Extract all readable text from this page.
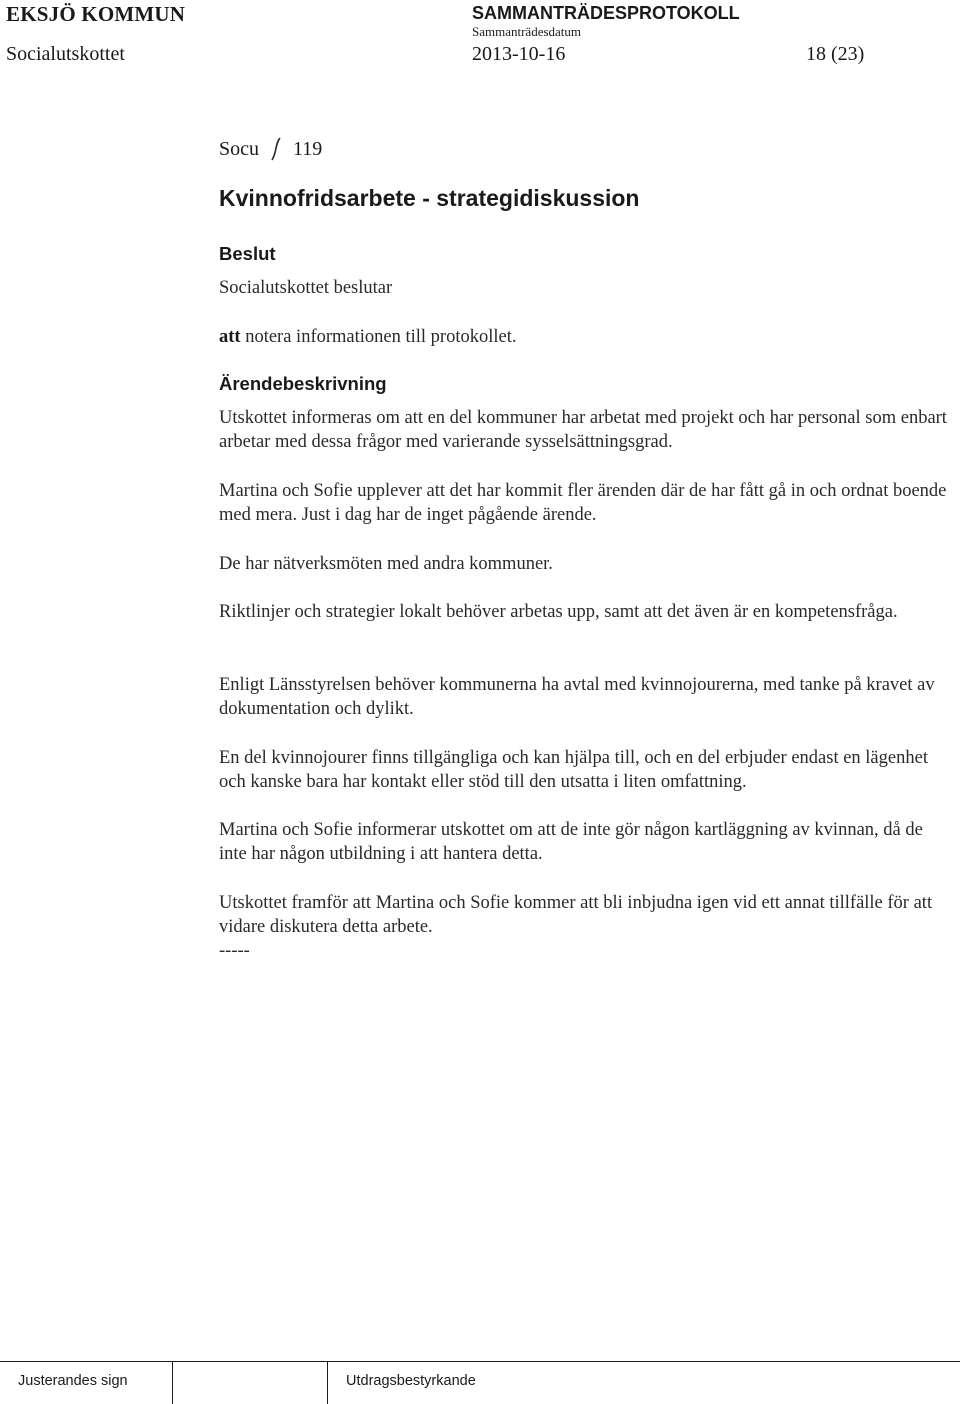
EKSJÖ KOMMUN	SAMMANTRÄDESPROTOKOLL
Sammanträdesdatum
Socialutskottet	2013-10-16	18 (23)
Socu 119
Kvinnofridsarbete - strategidiskussion
Beslut
Socialutskottet beslutar
att notera informationen till protokollet.
Ärendebeskrivning
Utskottet informeras om att en del kommuner har arbetat med projekt och har personal som enbart arbetar med dessa frågor med varierande sysselsättningsgrad.
Martina och Sofie upplever att det har kommit fler ärenden där de har fått gå in och ordnat boende med mera. Just i dag har de inget pågående ärende.
De har nätverksmöten med andra kommuner.
Riktlinjer och strategier lokalt behöver arbetas upp, samt att det även är en kompetensfråga.
Enligt Länsstyrelsen behöver kommunerna ha avtal med kvinnojourerna, med tanke på kravet av dokumentation och dylikt.
En del kvinnojourer finns tillgängliga och kan hjälpa till, och en del erbjuder endast en lägenhet och kanske bara har kontakt eller stöd till den utsatta i liten omfattning.
Martina och Sofie informerar utskottet om att de inte gör någon kartläggning av kvinnan, då de inte har någon utbildning i att hantera detta.
Utskottet framför att Martina och Sofie kommer att bli inbjudna igen vid ett annat tillfälle för att vidare diskutera detta arbete.
-----
Justerandes sign	Utdragsbestyrkande
